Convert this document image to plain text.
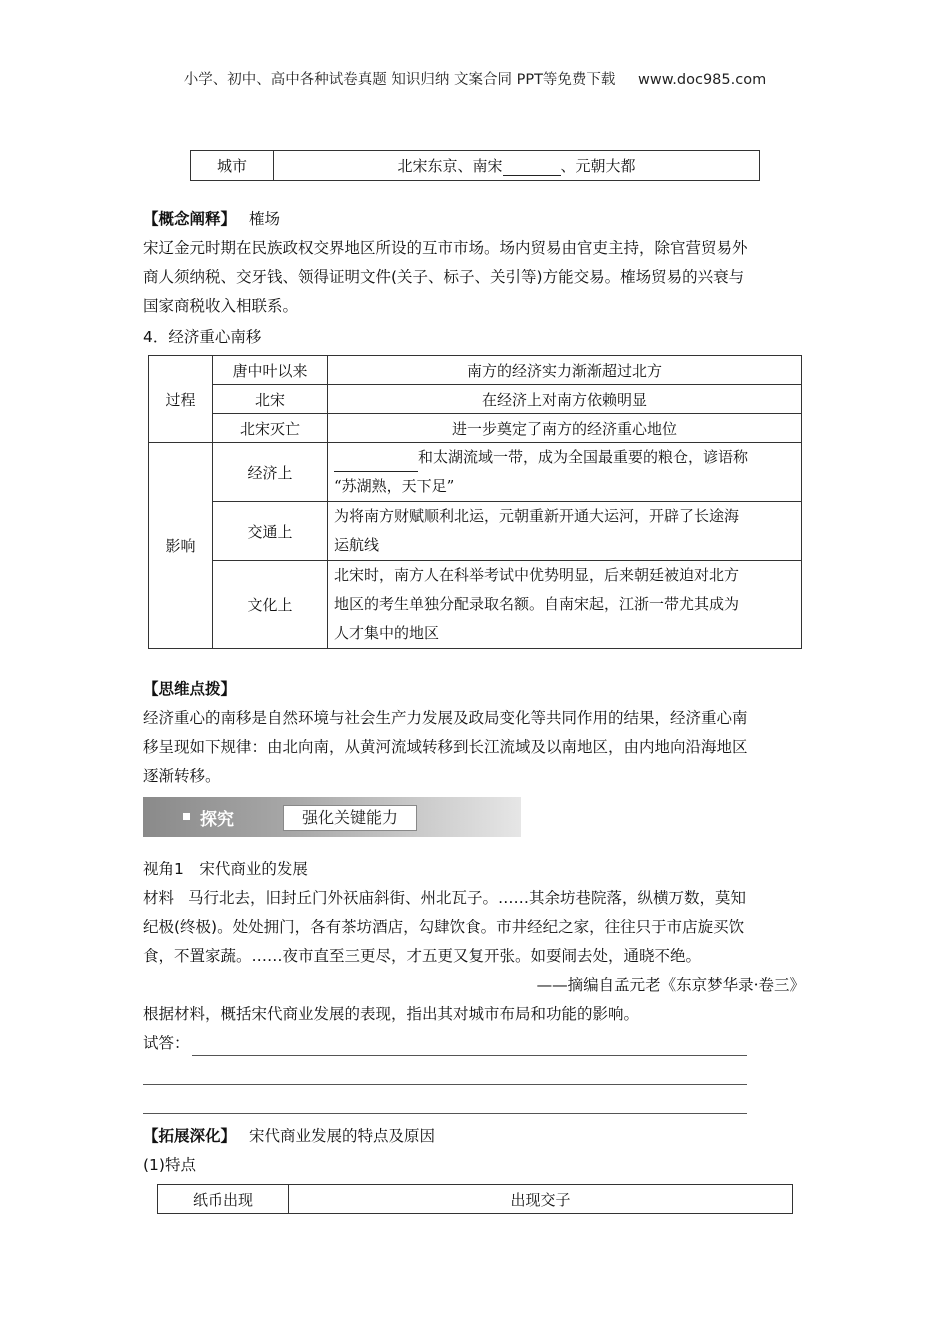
小学、初中、高中各种试卷真题 知识归纳 文案合同 PPT等免费下载 www.doc985.com
城市	北宋东京、南宋	、元朝大都
【概念阐释】 榷场
宋辽金元时期在民族政权交界地区所设的互市市场。场内贸易由官吏主持，除官营贸易外
商人须纳税、交牙钱、领得证明文件(关子、标子、关引等)方能交易。榷场贸易的兴衰与
国家商税收入相联系。
4．经济重心南移
过程	唐中叶以来	南方的经济实力渐渐超过北方
	北宋	在经济上对南方依赖明显
	北宋灭亡	进一步奠定了南方的经济重心地位
影响	经济上	和太湖流域一带，成为全国最重要的粮仓，谚语称
“苏湖熟，天下足”

	交通上	为将南方财赋顺利北运，元朝重新开通大运河，开辟了长途海
运航线

	文化上	北宋时，南方人在科举考试中优势明显，后来朝廷被迫对北方
地区的考生单独分配录取名额。自南宋起，江浙一带尤其成为
人才集中的地区
【思维点拨】
经济重心的南移是自然环境与社会生产力发展及政局变化等共同作用的结果，经济重心南
移呈现如下规律：由北向南，从黄河流域转移到长江流域及以南地区，由内地向沿海地区
逐渐转移。
探究	强化关键能力
视角1　宋代商业的发展
材料 马行北去，旧封丘门外祆庙斜街、州北瓦子。……其余坊巷院落，纵横万数，莫知
纪极(终极)。处处拥门，各有茶坊酒店，勾肆饮食。市井经纪之家，往往只于市店旋买饮
食，不置家蔬。……夜市直至三更尽，才五更又复开张。如耍闹去处，通晓不绝。
——摘编自孟元老《东京梦华录·卷三》
根据材料，概括宋代商业发展的表现，指出其对城市布局和功能的影响。
试答：
【拓展深化】 宋代商业发展的特点及原因
(1)特点
纸币出现	出现交子
